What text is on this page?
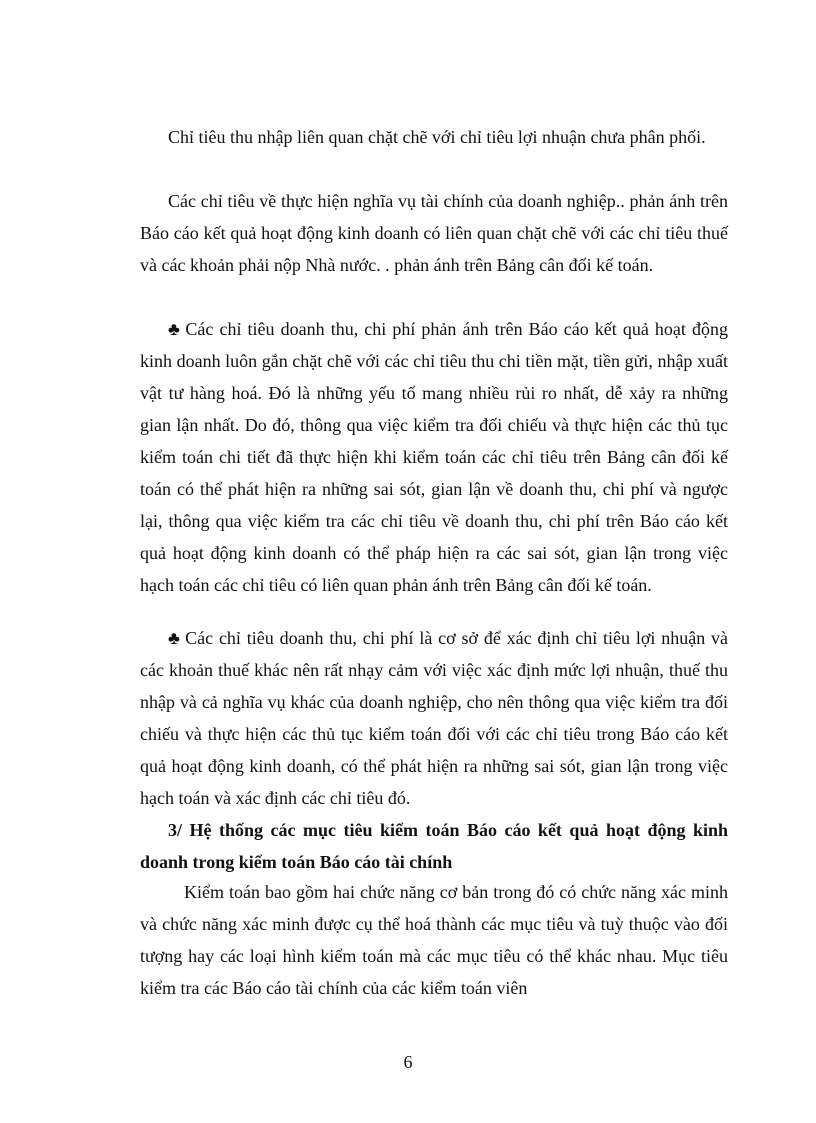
Chỉ tiêu thu nhập liên quan chặt chẽ với chỉ tiêu lợi nhuận chưa phân phối.

Các chỉ tiêu về thực hiện nghĩa vụ tài chính của doanh nghiệp.. phản ánh trên Báo cáo kết quả hoạt động kinh doanh có liên quan chặt chẽ với các chỉ tiêu thuế và các khoản phải nộp Nhà nước. . phản ánh trên Bảng cân đối kế toán.

♣ Các chỉ tiêu doanh thu, chi phí phản ánh trên Báo cáo kết quả hoạt động kinh doanh luôn gắn chặt chẽ với các chỉ tiêu thu chi tiền mặt, tiền gửi, nhập xuất vật tư hàng hoá. Đó là những yếu tố mang nhiều rủi ro nhất, dễ xảy ra những gian lận nhất. Do đó, thông qua việc kiểm tra đối chiếu và thực hiện các thủ tục kiểm toán chi tiết đã thực hiện khi kiểm toán các chỉ tiêu trên Bảng cân đối kế toán có thể phát hiện ra những sai sót, gian lận về doanh thu, chi phí và ngược lại, thông qua việc kiểm tra các chỉ tiêu về doanh thu, chi phí trên Báo cáo kết quả hoạt động kinh doanh có thể pháp hiện ra các sai sót, gian lận trong việc hạch toán các chỉ tiêu có liên quan phản ánh trên Bảng cân đối kế toán.

♣ Các chỉ tiêu doanh thu, chi phí là cơ sở để xác định chỉ tiêu lợi nhuận và các khoản thuế khác nên rất nhạy cảm với việc xác định mức lợi nhuận, thuế thu nhập và cả nghĩa vụ khác của doanh nghiệp, cho nên thông qua việc kiểm tra đối chiếu và thực hiện các thủ tục kiểm toán đối với các chỉ tiêu trong Báo cáo kết quả hoạt động kinh doanh, có thể phát hiện ra những sai sót, gian lận trong việc hạch toán và xác định các chỉ tiêu đó.

3/ Hệ thống các mục tiêu kiểm toán Báo cáo kết quả hoạt động kinh doanh trong kiểm toán Báo cáo tài chính

Kiểm toán bao gồm hai chức năng cơ bản trong đó có chức năng xác minh và chức năng xác minh được cụ thể hoá thành các mục tiêu và tuỳ thuộc vào đối tượng hay các loại hình kiểm toán mà các mục tiêu có thể khác nhau. Mục tiêu kiểm tra các Báo cáo tài chính của các kiểm toán viên

6
